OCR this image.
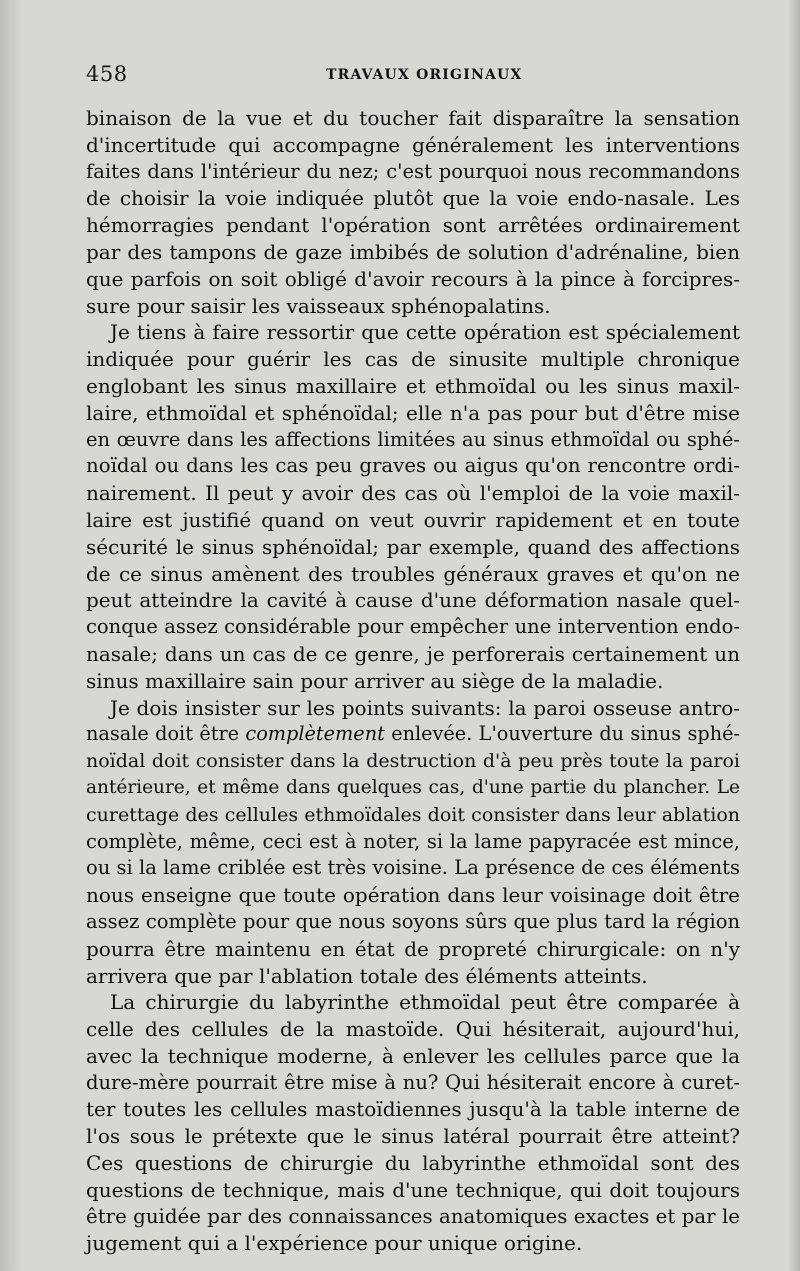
458	TRAVAUX ORIGINAUX
binaison de la vue et du toucher fait disparaître la sensation
d'incertitude qui accompagne généralement les interventions
faites dans l'intérieur du nez; c'est pourquoi nous recommandons
de choisir la voie indiquée plutôt que la voie endo-nasale. Les
hémorragies pendant l'opération sont arrêtées ordinairement
par des tampons de gaze imbibés de solution d'adrénaline, bien
que parfois on soit obligé d'avoir recours à la pince à forcipres-
sure pour saisir les vaisseaux sphénopalatins.
Je tiens à faire ressortir que cette opération est spécialement
indiquée pour guérir les cas de sinusite multiple chronique
englobant les sinus maxillaire et ethmoïdal ou les sinus maxil-
laire, ethmoïdal et sphénoïdal; elle n'a pas pour but d'être mise
en œuvre dans les affections limitées au sinus ethmoïdal ou sphé-
noïdal ou dans les cas peu graves ou aigus qu'on rencontre ordi-
nairement. Il peut y avoir des cas où l'emploi de la voie maxil-
laire est justifié quand on veut ouvrir rapidement et en toute
sécurité le sinus sphénoïdal; par exemple, quand des affections
de ce sinus amènent des troubles généraux graves et qu'on ne
peut atteindre la cavité à cause d'une déformation nasale quel-
conque assez considérable pour empêcher une intervention endo-
nasale; dans un cas de ce genre, je perforerais certainement un
sinus maxillaire sain pour arriver au siège de la maladie.
Je dois insister sur les points suivants: la paroi osseuse antro-
nasale doit être complètement enlevée. L'ouverture du sinus sphé-
noïdal doit consister dans la destruction d'à peu près toute la paroi
antérieure, et même dans quelques cas, d'une partie du plancher. Le
curettage des cellules ethmoïdales doit consister dans leur ablation
complète, même, ceci est à noter, si la lame papyracée est mince,
ou si la lame criblée est très voisine. La présence de ces éléments
nous enseigne que toute opération dans leur voisinage doit être
assez complète pour que nous soyons sûrs que plus tard la région
pourra être maintenu en état de propreté chirurgicale: on n'y
arrivera que par l'ablation totale des éléments atteints.
La chirurgie du labyrinthe ethmoïdal peut être comparée à
celle des cellules de la mastoïde. Qui hésiterait, aujourd'hui,
avec la technique moderne, à enlever les cellules parce que la
dure-mère pourrait être mise à nu? Qui hésiterait encore à curet-
ter toutes les cellules mastoïdiennes jusqu'à la table interne de
l'os sous le prétexte que le sinus latéral pourrait être atteint?
Ces questions de chirurgie du labyrinthe ethmoïdal sont des
questions de technique, mais d'une technique, qui doit toujours
être guidée par des connaissances anatomiques exactes et par le
jugement qui a l'expérience pour unique origine.
